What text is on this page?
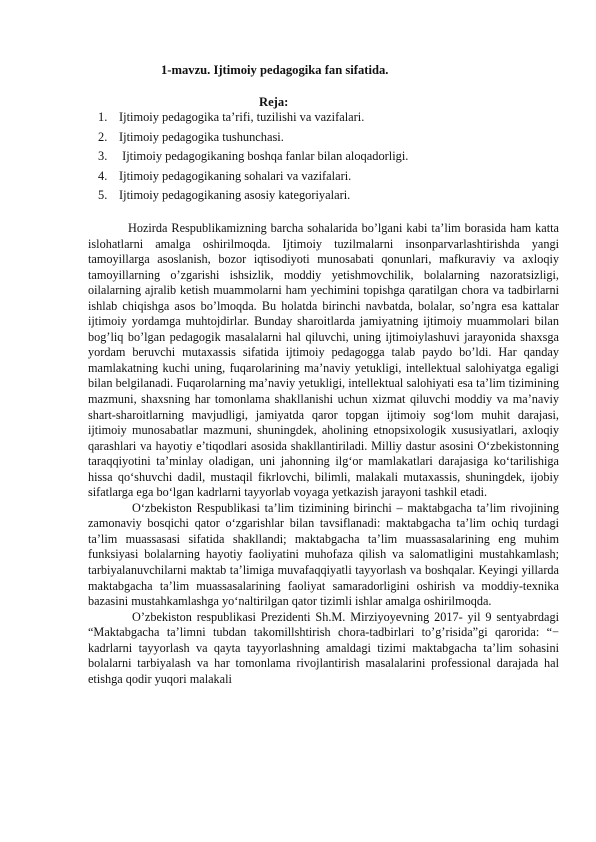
1-mavzu. Ijtimoiy pedagogika fan sifatida.
Reja:
1. Ijtimoiy pedagogika ta’rifi, tuzilishi va vazifalari.
2. Ijtimoiy pedagogika tushunchasi.
3. Ijtimoiy pedagogikaning boshqa fanlar bilan aloqadorligi.
4. Ijtimoiy pedagogikaning sohalari va vazifalari.
5. Ijtimoiy pedagogikaning asosiy kategoriyalari.

Hozirda Respublikamizning barcha sohalarida bo’lgani kabi ta’lim borasida ham katta islohatlarni amalga oshirilmoqda. Ijtimoiy tuzilmalarni insonparvarlashtirishda yangi tamoyillarga asoslanish, bozor iqtisodiyoti munosabati qonunlari, mafkuraviy va axloqiy tamoyillarning o’zgarishi ishsizlik, moddiy yetishmovchilik, bolalarning nazoratsizligi, oilalarning ajralib ketish muammolarni ham yechimini topishga qaratilgan chora va tadbirlarni ishlab chiqishga asos bo’lmoqda. Bu holatda birinchi navbatda, bolalar, so’ngra esa kattalar ijtimoiy yordamga muhtojdirlar. Bunday sharoitlarda jamiyatning ijtimoiy muammolari bilan bog’liq bo’lgan pedagogik masalalarni hal qiluvchi, uning ijtimoiylashuvi jarayonida shaxsga yordam beruvchi mutaxassis sifatida ijtimoiy pedagogga talab paydo bo’ldi. Har qanday mamlakatning kuchi uning, fuqarolarining ma’naviy yetukligi, intellektual salohiyatga egaligi bilan belgilanadi. Fuqarolarning ma’naviy yetukligi, intellektual salohiyati esa ta’lim tizimining mazmuni, shaxsning har tomonlama shakllanishi uchun xizmat qiluvchi moddiy va ma’naviy shart-sharoitlarning mavjudligi, jamiyatda qaror topgan ijtimoiy sog‘lom muhit darajasi, ijtimoiy munosabatlar mazmuni, shuningdek, aholining etnopsixologik xususiyatlari, axloqiy qarashlari va hayotiy e’tiqodlari asosida shakllantiriladi. Milliy dastur asosini O‘zbekistonning taraqqiyotini ta’minlay oladigan, uni jahonning ilg‘or mamlakatlari darajasiga ko‘tarilishiga hissa qo‘shuvchi dadil, mustaqil fikrlovchi, bilimli, malakali mutaxassis, shuningdek, ijobiy sifatlarga ega bo‘lgan kadrlarni tayyorlab voyaga yetkazish jarayoni tashkil etadi.

O‘zbekiston Respublikasi ta’lim tizimining birinchi – maktabgacha ta’lim rivojining zamonaviy bosqichi qator o‘zgarishlar bilan tavsiflanadi: maktabgacha ta’lim ochiq turdagi ta’lim muassasasi sifatida shakllandi; maktabgacha ta’lim muassasalarining eng muhim funksiyasi bolalarning hayotiy faoliyatini muhofaza qilish va salomatligini mustahkamlash; tarbiyalanuvchilarni maktab ta’limiga muvafaqqiyatli tayyorlash va boshqalar. Keyingi yillarda maktabgacha ta’lim muassasalarining faoliyat samaradorligini oshirish va moddiy-texnika bazasini mustahkamlashga yo‘naltirilgan qator tizimli ishlar amalga oshirilmoqda.

O’zbekiston respublikasi Prezidenti Sh.M. Mirziyoyevning 2017- yil 9 sentyabrdagi “Maktabgacha ta’limni tubdan takomillshtirish chora-tadbirlari to’g’risida”gi qarorida: “− kadrlarni tayyorlash va qayta tayyorlashning amaldagi tizimi maktabgacha ta’lim sohasini bolalarni tarbiyalash va har tomonlama rivojlantirish masalalarini professional darajada hal etishga qodir yuqori malakali
